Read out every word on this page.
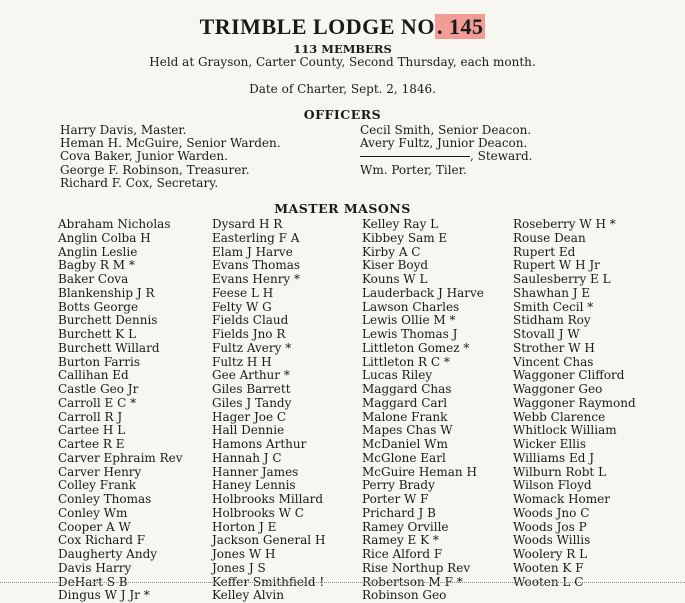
TRIMBLE LODGE NO. 145
113 MEMBERS
Held at Grayson, Carter County, Second Thursday, each month.
Date of Charter, Sept. 2, 1846.
OFFICERS
Harry Davis, Master.
Heman H. McGuire, Senior Warden.
Cova Baker, Junior Warden.
George F. Robinson, Treasurer.
Richard F. Cox, Secretary.
Cecil Smith, Senior Deacon.
Avery Fultz, Junior Deacon.
, Steward.
Wm. Porter, Tiler.
MASTER MASONS
Abraham Nicholas
Anglin Colba H
Anglin Leslie
Bagby R M *
Baker Cova
Blankenship J R
Botts George
Burchett Dennis
Burchett K L
Burchett Willard
Burton Farris
Callihan Ed
Castle Geo Jr
Carroll E C *
Carroll R J
Cartee H L
Cartee R E
Carver Ephraim Rev
Carver Henry
Colley Frank
Conley Thomas
Conley Wm
Cooper A W
Cox Richard F
Daugherty Andy
Davis Harry
DeHart S B
Dingus W J Jr *
Dysard H R
Easterling F A
Elam J Harve
Evans Thomas
Evans Henry *
Feese L H
Felty W G
Fields Claud
Fields Jno R
Fultz Avery *
Fultz H H
Gee Arthur *
Giles Barrett
Giles J Tandy
Hager Joe C
Hall Dennie
Hamons Arthur
Hannah J C
Hanner James
Haney Lennis
Holbrooks Millard
Holbrooks W C
Horton J E
Jackson General H
Jones W H
Jones J S
Keffer Smithfield !
Kelley Alvin
Kelley Ray L
Kibbey Sam E
Kirby A C
Kiser Boyd
Kouns W L
Lauderback J Harve
Lawson Charles
Lewis Ollie M *
Lewis Thomas J
Littleton Gomez *
Littleton R C *
Lucas Riley
Maggard Chas
Maggard Carl
Malone Frank
Mapes Chas W
McDaniel Wm
McGlone Earl
McGuire Heman H
Perry Brady
Porter W F
Prichard J B
Ramey Orville
Ramey E K *
Rice Alford F
Rise Northup Rev
Robertson M F *
Robinson Geo
Roseberry W H *
Rouse Dean
Rupert Ed
Rupert W H Jr
Saulesberry E L
Shawhan J E
Smith Cecil *
Stidham Roy
Stovall J W
Strother W H
Vincent Chas
Waggoner Clifford
Waggoner Geo
Waggoner Raymond
Webb Clarence
Whitlock William
Wicker Ellis
Williams Ed J
Wilburn Robt L
Wilson Floyd
Womack Homer
Woods Jno C
Woods Jos P
Woods Willis
Woolery R L
Wooten K F
Wooten L C
